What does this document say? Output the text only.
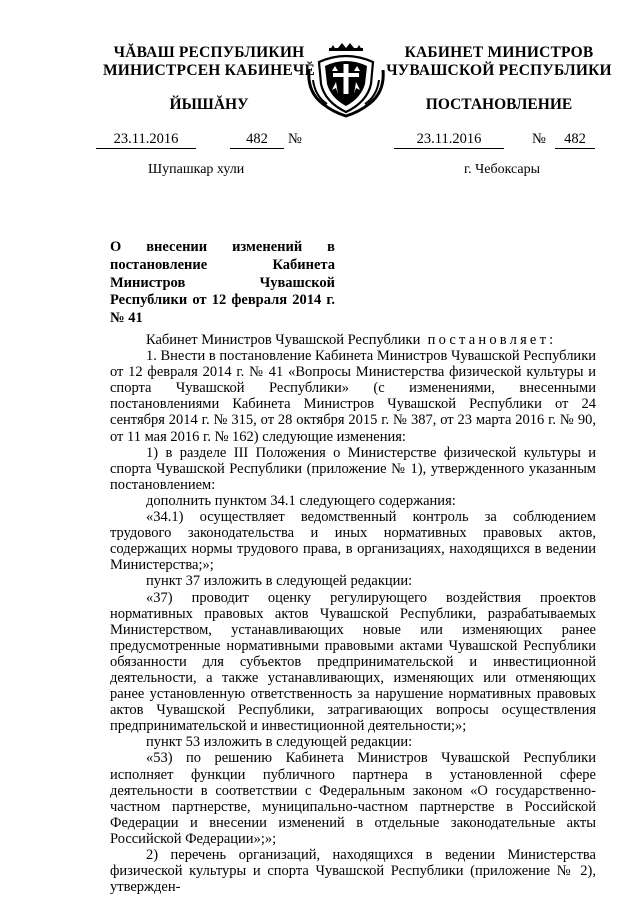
ЧĂВАШ РЕСПУБЛИКИН
МИНИСТРСЕН КАБИНЕЧĔ
КАБИНЕТ МИНИСТРОВ
ЧУВАШСКОЙ РЕСПУБЛИКИ
ЙЫШĂНУ	ПОСТАНОВЛЕНИЕ
23.11.2016	482	№	23.11.2016	№	482
Шупашкар хули	г. Чебоксары
О внесении изменений в постановление Кабинета Министров Чувашской Республики от 12 февраля 2014 г. № 41

Кабинет Министров Чувашской Республики постановляет:

1. Внести в постановление Кабинета Министров Чувашской Республики от 12 февраля 2014 г. № 41 «Вопросы Министерства физической культуры и спорта Чувашской Республики» (с изменениями, внесенными постановлениями Кабинета Министров Чувашской Республики от 24 сентября 2014 г. № 315, от 28 октября 2015 г. № 387, от 23 марта 2016 г. № 90, от 11 мая 2016 г. № 162) следующие изменения:

1) в разделе III Положения о Министерстве физической культуры и спорта Чувашской Республики (приложение № 1), утвержденного указанным постановлением:

дополнить пунктом 34.1 следующего содержания:

«34.1) осуществляет ведомственный контроль за соблюдением трудового законодательства и иных нормативных правовых актов, содержащих нормы трудового права, в организациях, находящихся в ведении Министерства;»;

пункт 37 изложить в следующей редакции:

«37) проводит оценку регулирующего воздействия проектов нормативных правовых актов Чувашской Республики, разрабатываемых Министерством, устанавливающих новые или изменяющих ранее предусмотренные нормативными правовыми актами Чувашской Республики обязанности для субъектов предпринимательской и инвестиционной деятельности, а также устанавливающих, изменяющих или отменяющих ранее установленную ответственность за нарушение нормативных правовых актов Чувашской Республики, затрагивающих вопросы осуществления предпринимательской и инвестиционной деятельности;»;

пункт 53 изложить в следующей редакции:

«53) по решению Кабинета Министров Чувашской Республики исполняет функции публичного партнера в установленной сфере деятельности в соответствии с Федеральным законом «О государственно-частном партнерстве, муниципально-частном партнерстве в Российской Федерации и внесении изменений в отдельные законодательные акты Российской Федерации»;»;

2) перечень организаций, находящихся в ведении Министерства физической культуры и спорта Чувашской Республики (приложение № 2), утвержден-
